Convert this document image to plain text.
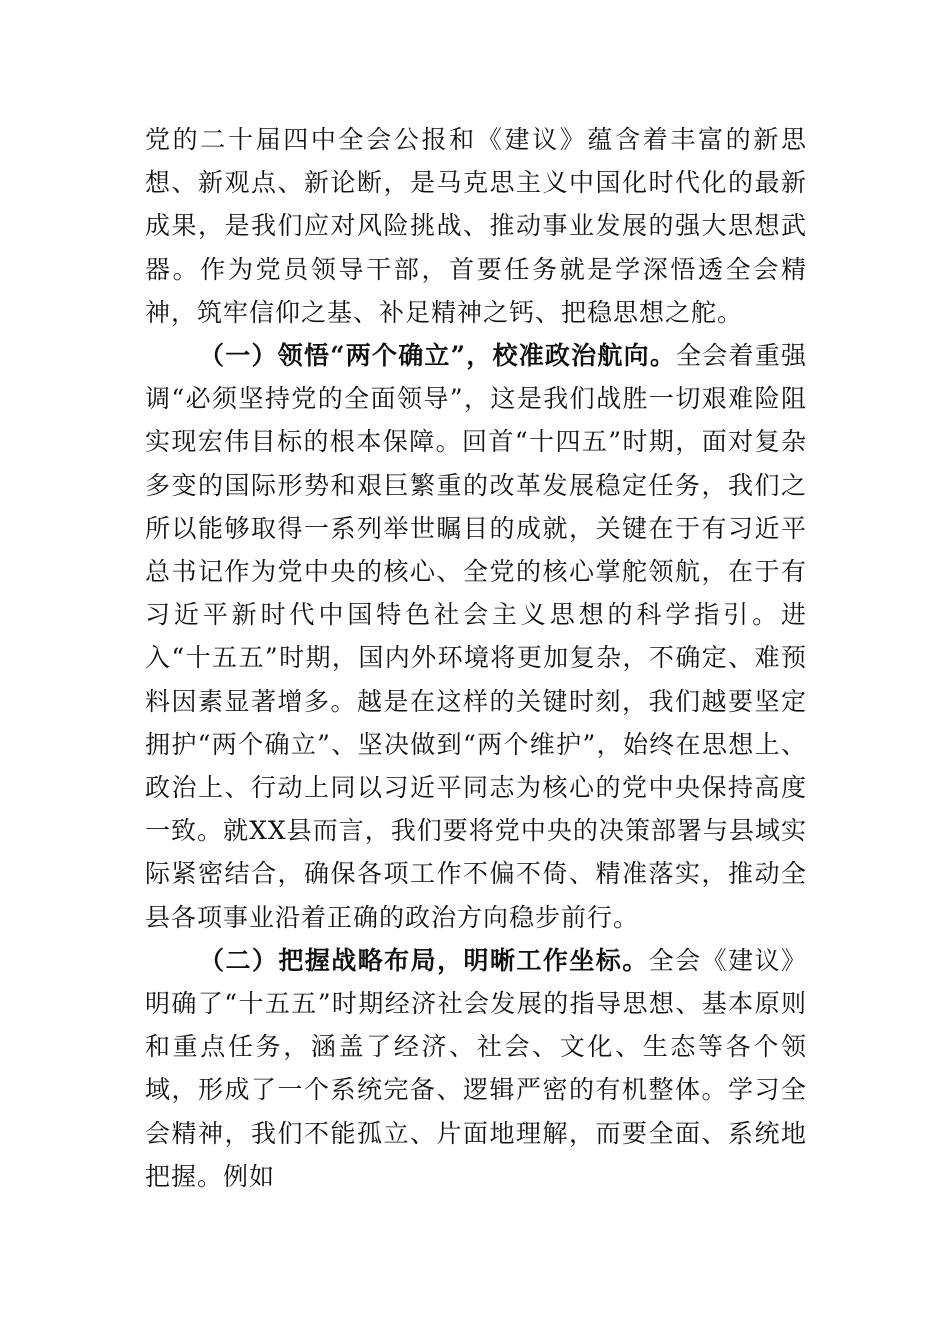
党的二十届四中全会公报和《建议》蕴含着丰富的新思想、新观点、新论断，是马克思主义中国化时代化的最新成果，是我们应对风险挑战、推动事业发展的强大思想武器。作为党员领导干部，首要任务就是学深悟透全会精神，筑牢信仰之基、补足精神之钙、把稳思想之舵。

（一）领悟“两个确立”，校准政治航向。全会着重强调“必须坚持党的全面领导”，这是我们战胜一切艰难险阻实现宏伟目标的根本保障。回首“十四五”时期，面对复杂多变的国际形势和艰巨繁重的改革发展稳定任务，我们之所以能够取得一系列举世瞩目的成就，关键在于有习近平总书记作为党中央的核心、全党的核心掌舵领航，在于有习近平新时代中国特色社会主义思想的科学指引。进入“十五五”时期，国内外环境将更加复杂，不确定、难预料因素显著增多。越是在这样的关键时刻，我们越要坚定拥护“两个确立”、坚决做到“两个维护”，始终在思想上、政治上、行动上同以习近平同志为核心的党中央保持高度一致。就XX县而言，我们要将党中央的决策部署与县域实际紧密结合，确保各项工作不偏不倚、精准落实，推动全县各项事业沿着正确的政治方向稳步前行。

（二）把握战略布局，明晰工作坐标。全会《建议》明确了“十五五”时期经济社会发展的指导思想、基本原则和重点任务，涵盖了经济、社会、文化、生态等各个领域，形成了一个系统完备、逻辑严密的有机整体。学习全会精神，我们不能孤立、片面地理解，而要全面、系统地把握。例如
